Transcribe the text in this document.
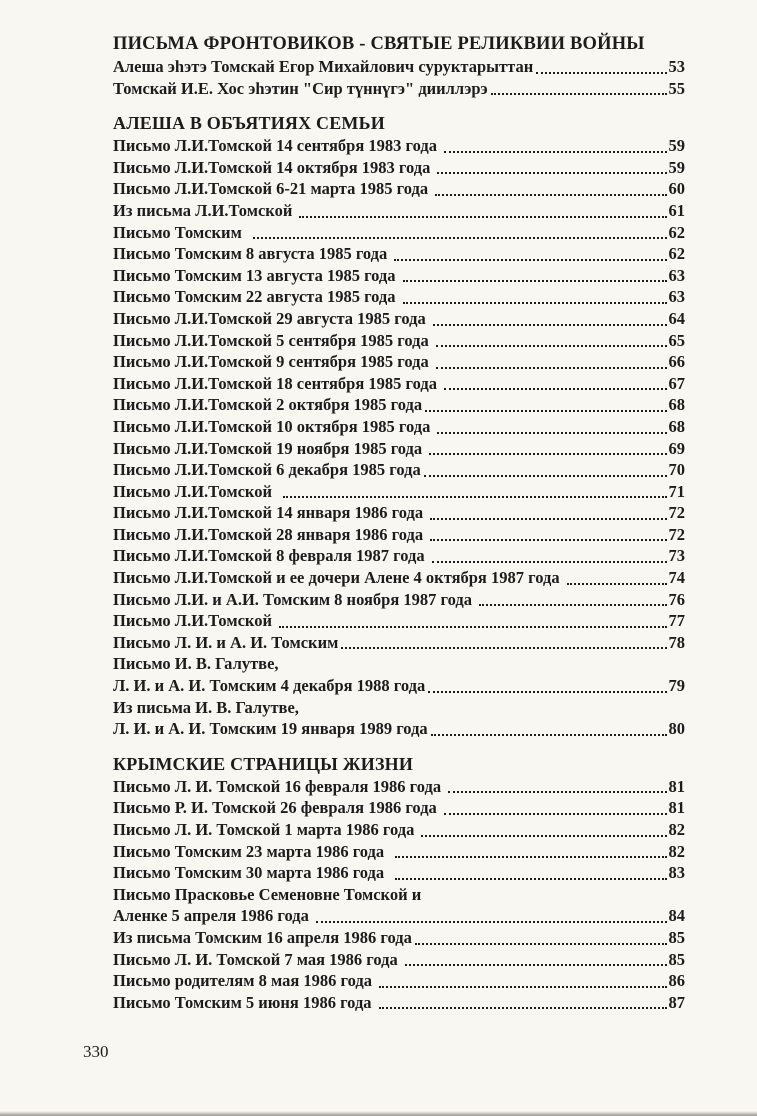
ПИСЬМА ФРОНТОВИКОВ - СВЯТЫЕ РЕЛИКВИИ ВОЙНЫ
Алеша эһэтэ Томскай Егор Михайлович суруктарыттан	53
Томскай И.Е. Хос эһэтин "Сир түннүгэ" дииллэрэ	55
АЛЕША В ОБЪЯТИЯХ СЕМЬИ
Письмо Л.И.Томской 14 сентября 1983 года	59
Письмо Л.И.Томской 14 октября 1983 года	59
Письмо Л.И.Томской 6-21 марта 1985 года	60
Из письма Л.И.Томской	61
Письмо Томским	62
Письмо Томским 8 августа 1985 года	62
Письмо Томским 13 августа 1985 года	63
Письмо Томским 22 августа 1985 года	63
Письмо Л.И.Томской 29 августа 1985 года	64
Письмо Л.И.Томской 5 сентября 1985 года	65
Письмо Л.И.Томской 9 сентября 1985 года	66
Письмо Л.И.Томской 18 сентября 1985 года	67
Письмо Л.И.Томской 2 октября 1985 года	68
Письмо Л.И.Томской 10 октября 1985 года	68
Письмо Л.И.Томской 19 ноября 1985 года	69
Письмо Л.И.Томской 6 декабря 1985 года	70
Письмо Л.И.Томской	71
Письмо Л.И.Томской 14 января 1986 года	72
Письмо Л.И.Томской 28 января 1986 года	72
Письмо Л.И.Томской 8 февраля 1987 года	73
Письмо Л.И.Томской и ее дочери Алене 4 октября 1987 года	74
Письмо Л.И. и А.И. Томским 8 ноября 1987 года	76
Письмо Л.И.Томской	77
Письмо Л. И. и А. И. Томским	78
Письмо И. В. Галутве,
Л. И. и А. И. Томским 4 декабря 1988 года	79
Из письма И. В. Галутве,
Л. И. и А. И. Томским 19 января 1989 года	80
КРЫМСКИЕ СТРАНИЦЫ ЖИЗНИ
Письмо Л. И. Томской 16 февраля 1986 года	81
Письмо Р. И. Томской 26 февраля 1986 года	81
Письмо Л. И. Томской 1 марта 1986 года	82
Письмо Томским 23 марта 1986 года	82
Письмо Томским 30 марта 1986 года	83
Письмо Прасковье Семеновне Томской и
Аленке 5 апреля 1986 года	84
Из письма Томским 16 апреля 1986 года	85
Письмо Л. И. Томской 7 мая 1986 года	85
Письмо родителям 8 мая 1986 года	86
Письмо Томским 5 июня 1986 года	87
330
